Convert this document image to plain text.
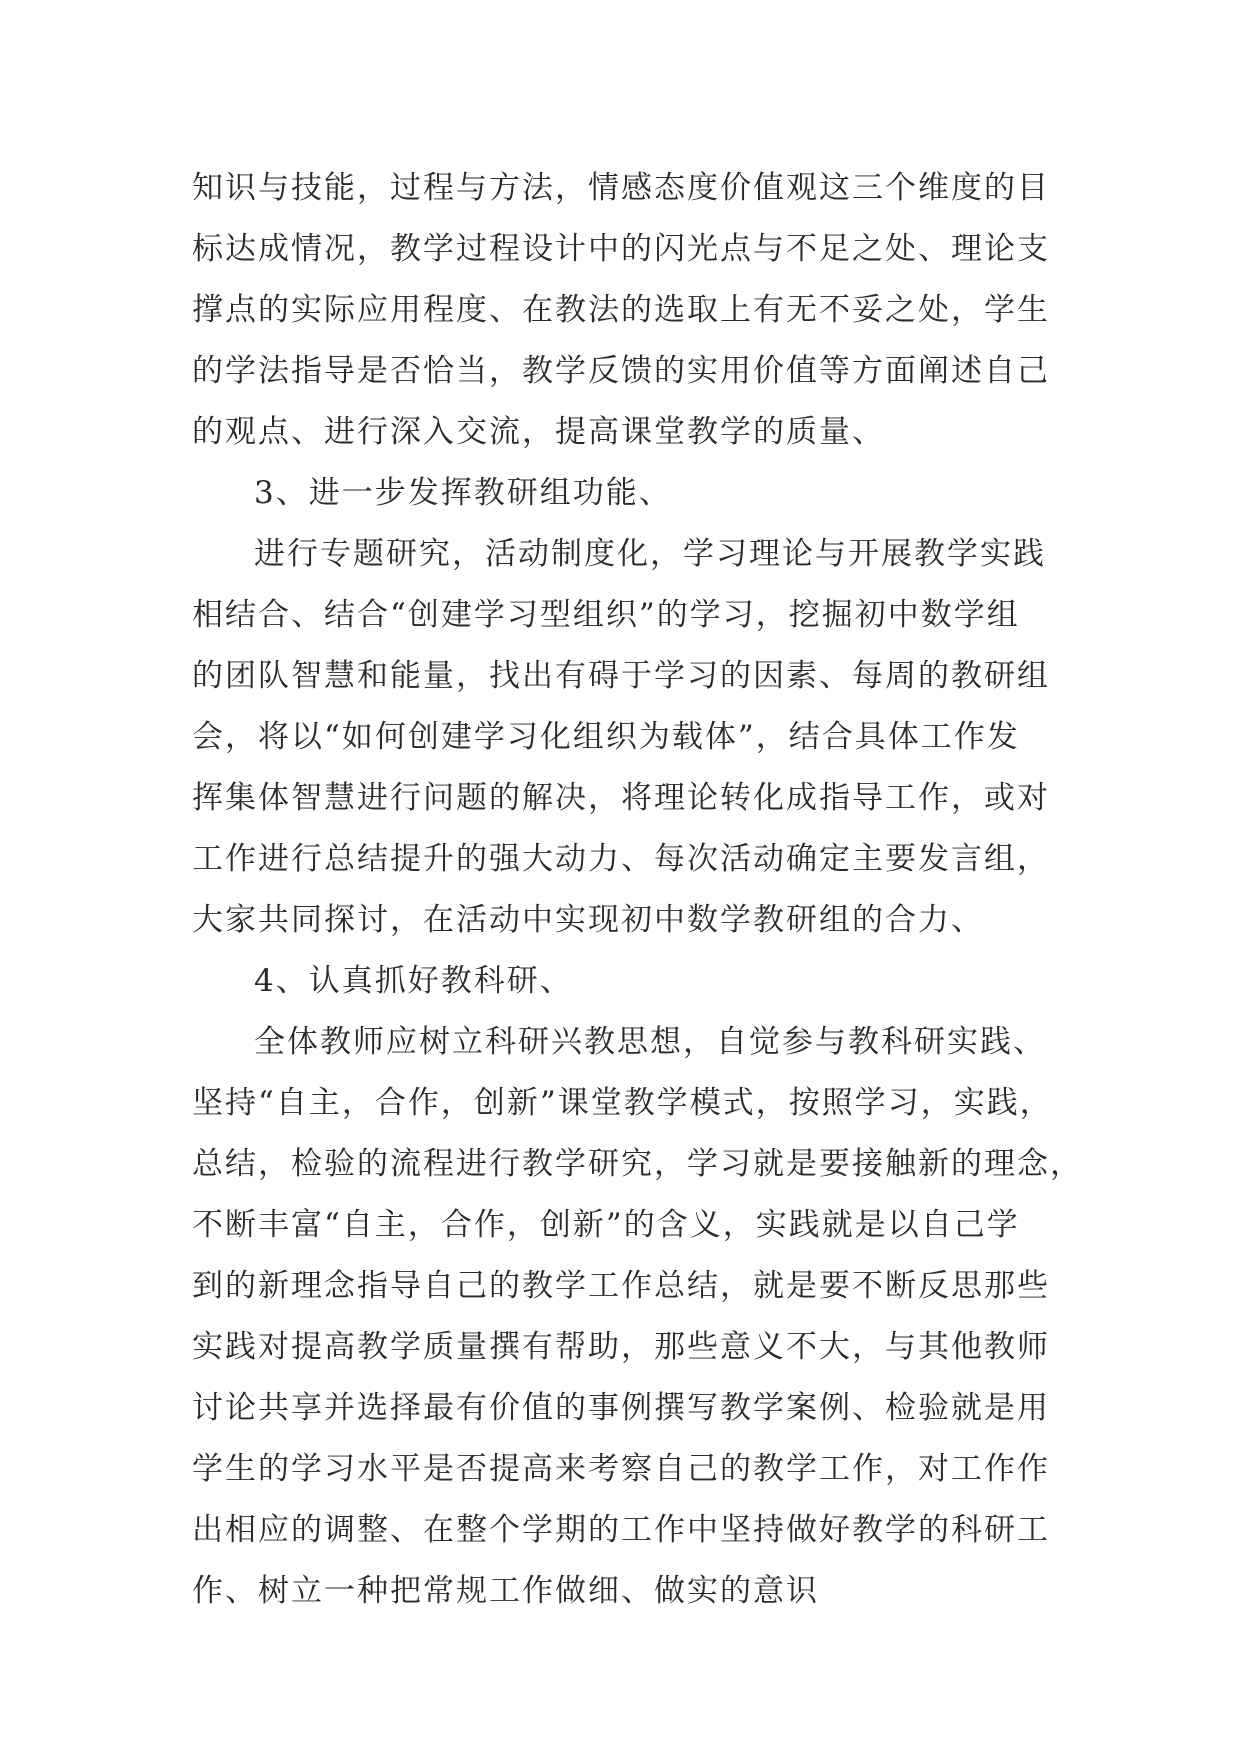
知识与技能，过程与方法，情感态度价值观这三个维度的目
标达成情况，教学过程设计中的闪光点与不足之处、理论支
撑点的实际应用程度、在教法的选取上有无不妥之处，学生
的学法指导是否恰当，教学反馈的实用价值等方面阐述自己
的观点、进行深入交流，提高课堂教学的质量、
3、进一步发挥教研组功能、
进行专题研究，活动制度化，学习理论与开展教学实践
相结合、结合“创建学习型组织”的学习，挖掘初中数学组
的团队智慧和能量，找出有碍于学习的因素、每周的教研组
会，将以“如何创建学习化组织为载体”，结合具体工作发
挥集体智慧进行问题的解决，将理论转化成指导工作，或对
工作进行总结提升的强大动力、每次活动确定主要发言组，
大家共同探讨，在活动中实现初中数学教研组的合力、
4、认真抓好教科研、
全体教师应树立科研兴教思想，自觉参与教科研实践、
坚持“自主，合作，创新”课堂教学模式，按照学习，实践，
总结，检验的流程进行教学研究，学习就是要接触新的理念，
不断丰富“自主，合作，创新”的含义，实践就是以自己学
到的新理念指导自己的教学工作总结，就是要不断反思那些
实践对提高教学质量撰有帮助，那些意义不大，与其他教师
讨论共享并选择最有价值的事例撰写教学案例、检验就是用
学生的学习水平是否提高来考察自己的教学工作，对工作作
出相应的调整、在整个学期的工作中坚持做好教学的科研工
作、树立一种把常规工作做细、做实的意识
